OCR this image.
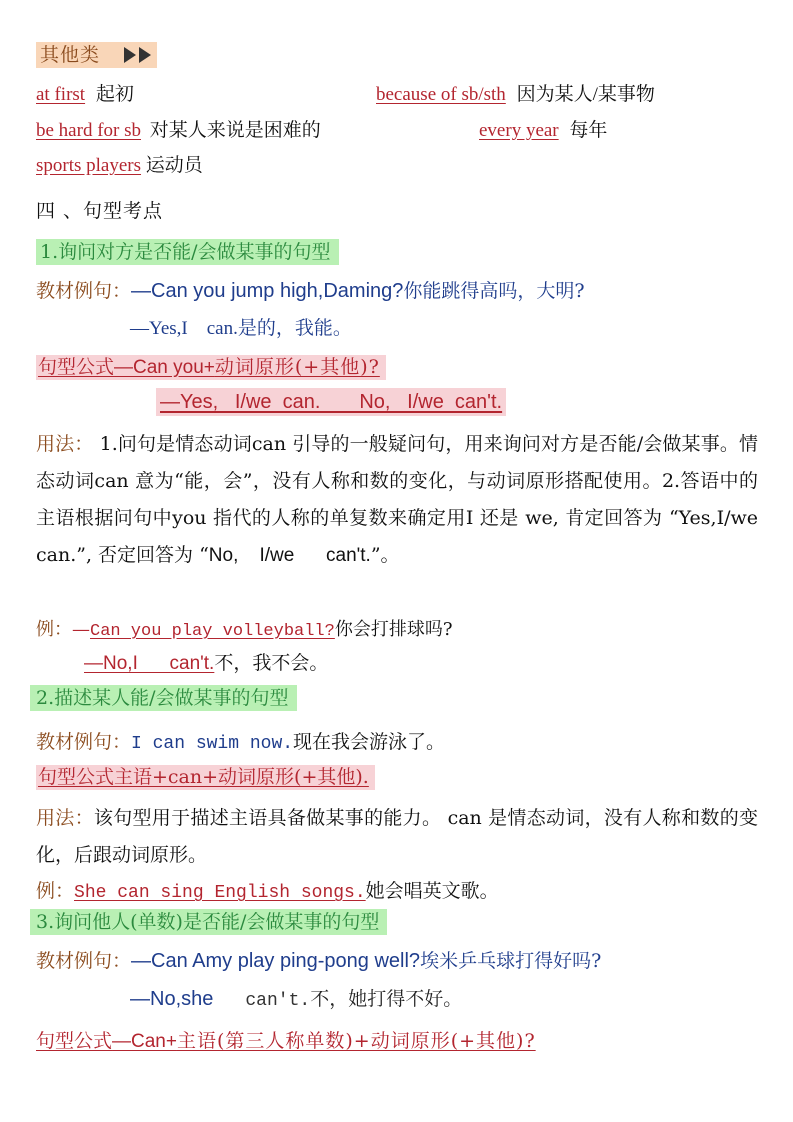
其他类
at first 起初	because of sb/sth 因为某人/某事物
be hard for sb 对某人来说是困难的	every year 每年
sports players 运动员
四 、句型考点
1.询问对方是否能/会做某事的句型
教材例句：—Can you jump high,Daming?你能跳得高吗，大明?
—Yes,I    can.是的，我能。
句型公式—Can you+动词原形(+其他)?
—Yes,   I/we  can.       No,   I/we  can't.
用法： 1.问句是情态动词can 引导的一般疑问句，用来询问对方是否能/会做某事。情态动词can 意为“能，会”，没有人称和数的变化，与动词原形搭配使用。2.答语中的主语根据问句中you 指代的人称的单复数来确定用I 还是 we, 肯定回答为 “Yes,I/we can.”, 否定回答为 “No,    I/we      can't.”。
例：—Can you play volleyball?你会打排球吗?
—No,I      can't.不，我不会。
2.描述某人能/会做某事的句型
教材例句：I can swim now.现在我会游泳了。
句型公式主语+can+动词原形(+其他).
用法：该句型用于描述主语具备做某事的能力。 can 是情态动词，没有人称和数的变化，后跟动词原形。
例：She can sing English songs.她会唱英文歌。
3.询问他人(单数)是否能/会做某事的句型
教材例句：—Can Amy play ping-pong well?埃米乒乓球打得好吗?
—No,she can't.不，她打得不好。
句型公式—Can+主语(第三人称单数)+动词原形(+其他)?
